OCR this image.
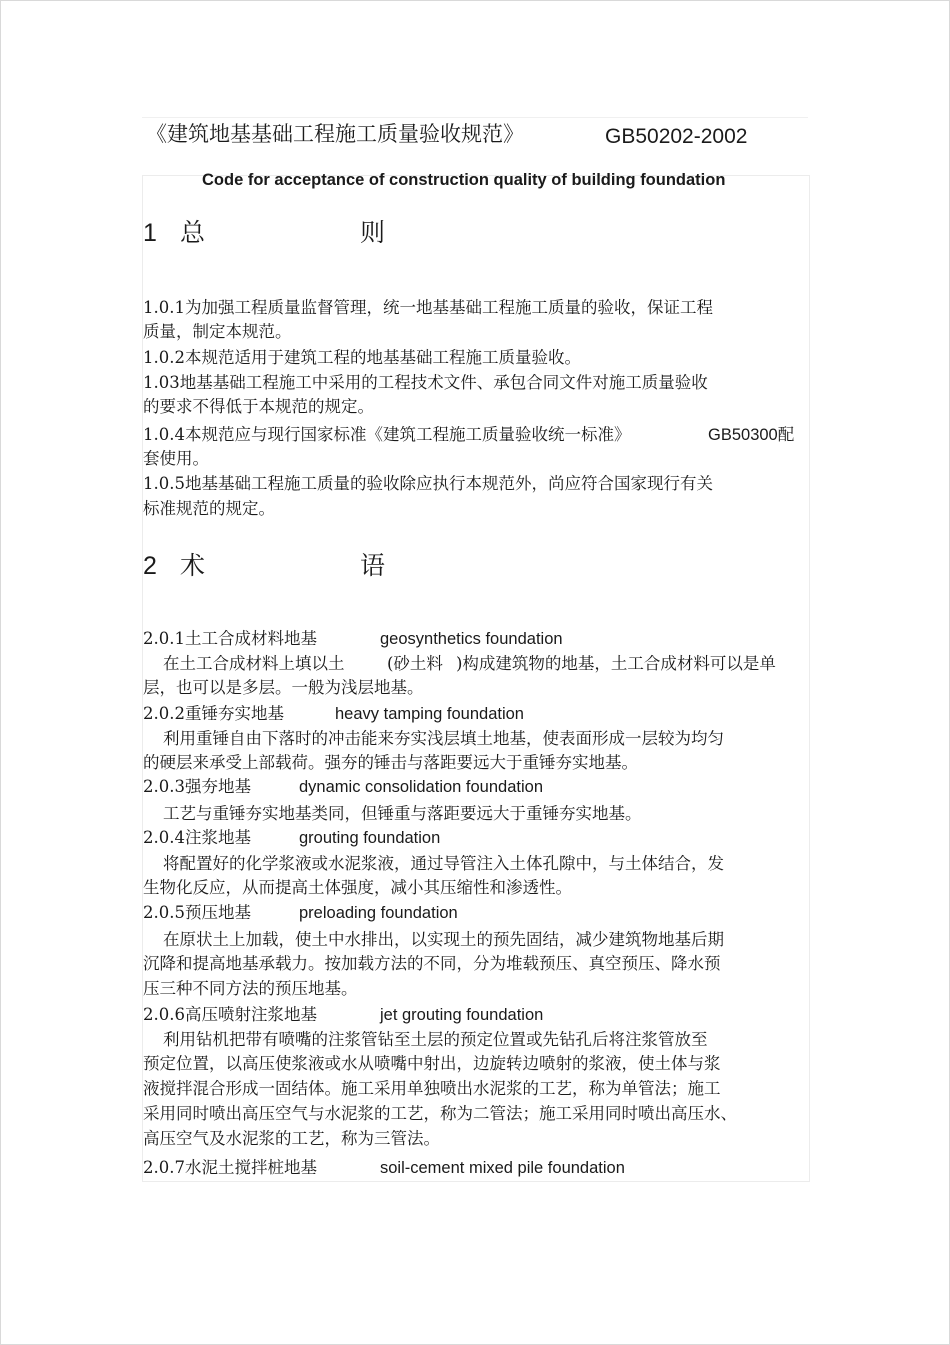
《建筑地基基础工程施工质量验收规范》	GB50202-2002
Code for acceptance of construction quality of building foundation
1 总	则
1.0.1为加强工程质量监督管理，统一地基基础工程施工质量的验收，保证工程
质量，制定本规范。
1.0.2本规范适用于建筑工程的地基基础工程施工质量验收。
1.03地基基础工程施工中采用的工程技术文件、承包合同文件对施工质量验收
的要求不得低于本规范的规定。
1.0.4本规范应与现行国家标准《建筑工程施工质量验收统一标准》	GB50300配
套使用。
1.0.5地基基础工程施工质量的验收除应执行本规范外，尚应符合国家现行有关
标准规范的规定。
2 术	语
2.0.1土工合成材料地基	geosynthetics foundation
在土工合成材料上填以土	(砂土料 )构成建筑物的地基，土工合成材料可以是单
层，也可以是多层。一般为浅层地基。
2.0.2重锤夯实地基	heavy tamping foundation
利用重锤自由下落时的冲击能来夯实浅层填土地基，使表面形成一层较为均匀
的硬层来承受上部载荷。强夯的锤击与落距要远大于重锤夯实地基。
2.0.3强夯地基	dynamic consolidation foundation
工艺与重锤夯实地基类同，但锤重与落距要远大于重锤夯实地基。
2.0.4注浆地基	grouting foundation
将配置好的化学浆液或水泥浆液，通过导管注入土体孔隙中，与土体结合，发
生物化反应，从而提高土体强度，减小其压缩性和渗透性。
2.0.5预压地基	preloading foundation
在原状土上加载，使土中水排出，以实现土的预先固结，减少建筑物地基后期
沉降和提高地基承载力。按加载方法的不同，分为堆载预压、真空预压、降水预
压三种不同方法的预压地基。
2.0.6高压喷射注浆地基	jet grouting foundation
利用钻机把带有喷嘴的注浆管钻至土层的预定位置或先钻孔后将注浆管放至
预定位置，以高压使浆液或水从喷嘴中射出，边旋转边喷射的浆液，使土体与浆
液搅拌混合形成一固结体。施工采用单独喷出水泥浆的工艺，称为单管法；施工
采用同时喷出高压空气与水泥浆的工艺，称为二管法；施工采用同时喷出高压水、
高压空气及水泥浆的工艺，称为三管法。
2.0.7水泥土搅拌桩地基	soil-cement mixed pile foundation
